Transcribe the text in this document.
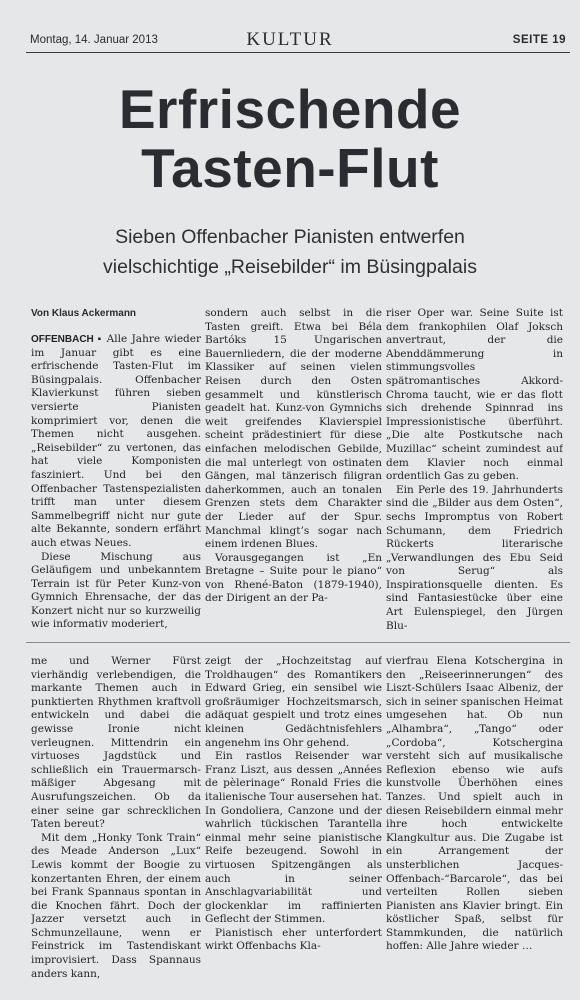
Montag, 14. Januar 2013	KULTUR	SEITE 19
Erfrischende
Tasten-Flut
Sieben Offenbacher Pianisten entwerfen
vielschichtige „Reisebilder“ im Büsingpalais
Von Klaus Ackermann

OFFENBACH ▪ Alle Jahre wieder im Januar gibt es eine erfrischende Tasten-Flut im Büsingpalais. Offenbacher Klavierkunst führen sieben versierte Pianisten komprimiert vor, denen die Themen nicht ausgehen. „Reisebilder“ zu vertonen, das hat viele Komponisten fasziniert. Und bei den Offenbacher Tastenspezialisten trifft man unter diesem Sammelbegriff nicht nur gute alte Bekannte, sondern erfährt auch etwas Neues.

Diese Mischung aus Geläufigem und unbekanntem Terrain ist für Peter Kunz-von Gymnich Ehrensache, der das Konzert nicht nur so kurzweilig wie informativ moderiert,

sondern auch selbst in die Tasten greift. Etwa bei Béla Bartóks 15 Ungarischen Bauernliedern, die der moderne Klassiker auf seinen vielen Reisen durch den Osten gesammelt und künstlerisch geadelt hat. Kunz-von Gymnichs weit greifendes Klavierspiel scheint prädestiniert für diese einfachen melodischen Gebilde, die mal unterlegt von ostinaten Gängen, mal tänzerisch filigran daherkommen, auch an tonalen Grenzen stets dem Charakter der Lieder auf der Spur. Manchmal klingt’s sogar nach einem irdenen Blues.

Vorausgegangen ist „En Bretagne – Suite pour le piano“ von Rhené-Baton (1879-1940), der Dirigent an der Pa-

riser Oper war. Seine Suite ist dem frankophilen Olaf Joksch anvertraut, der die Abenddämmerung in stimmungsvolles spätromantisches Akkord-Chroma taucht, wie er das flott sich drehende Spinnrad ins Impressionistische überführt. „Die alte Postkutsche nach Muzillac“ scheint zumindest auf dem Klavier noch einmal ordentlich Gas zu geben.

Ein Perle des 19. Jahrhunderts sind die „Bilder aus dem Osten“, sechs Impromptus von Robert Schumann, dem Friedrich Rückerts literarische „Verwandlungen des Ebu Seid von Serug“ als Inspirationsquelle dienten. Es sind Fantasiestücke über eine Art Eulenspiegel, den Jürgen Blu-

me und Werner Fürst vierhändig verlebendigen, die markante Themen auch in punktierten Rhythmen kraftvoll entwickeln und dabei die gewisse Ironie nicht verleugnen. Mittendrin ein virtuoses Jagdstück und schließlich ein Trauermarsch-mäßiger Abgesang mit Ausrufungszeichen. Ob da einer seine gar schrecklichen Taten bereut?

Mit dem „Honky Tonk Train“ des Meade Anderson „Lux“ Lewis kommt der Boogie zu konzertanten Ehren, der einem bei Frank Spannaus spontan in die Knochen fährt. Doch der Jazzer versetzt auch in Schmunzellaune, wenn er Feinstrick im Tastendiskant improvisiert. Dass Spannaus anders kann,

zeigt der „Hochzeitstag auf Troldhaugen“ des Romantikers Edward Grieg, ein sensibel wie großräumiger Hochzeitsmarsch, adäquat gespielt und trotz eines kleinen Gedächtnisfehlers angenehm ins Ohr gehend.

Ein rastlos Reisender war Franz Liszt, aus dessen „Années de pèlerinage“ Ronald Fries die italienische Tour ausersehen hat. In Gondoliera, Canzone und der wahrlich tückischen Tarantella einmal mehr seine pianistische Reife bezeugend. Sowohl in virtuosen Spitzengängen als auch in seiner Anschlagvariabilität und glockenklar im raffinierten Geflecht der Stimmen.

Pianistisch eher unterfordert wirkt Offenbachs Kla-

vierfrau Elena Kotschergina in den „Reiseerinnerungen“ des Liszt-Schülers Isaac Albeniz, der sich in seiner spanischen Heimat umgesehen hat. Ob nun „Alhambra“, „Tango“ oder „Cordoba“, Kotschergina versteht sich auf musikalische Reflexion ebenso wie aufs kunstvolle Überhöhen eines Tanzes. Und spielt auch in diesen Reisebildern einmal mehr ihre hoch entwickelte Klangkultur aus. Die Zugabe ist ein Arrangement der unsterblichen Jacques-Offenbach-“Barcarole“, das bei verteilten Rollen sieben Pianisten ans Klavier bringt. Ein köstlicher Spaß, selbst für Stammkunden, die natürlich hoffen: Alle Jahre wieder …
